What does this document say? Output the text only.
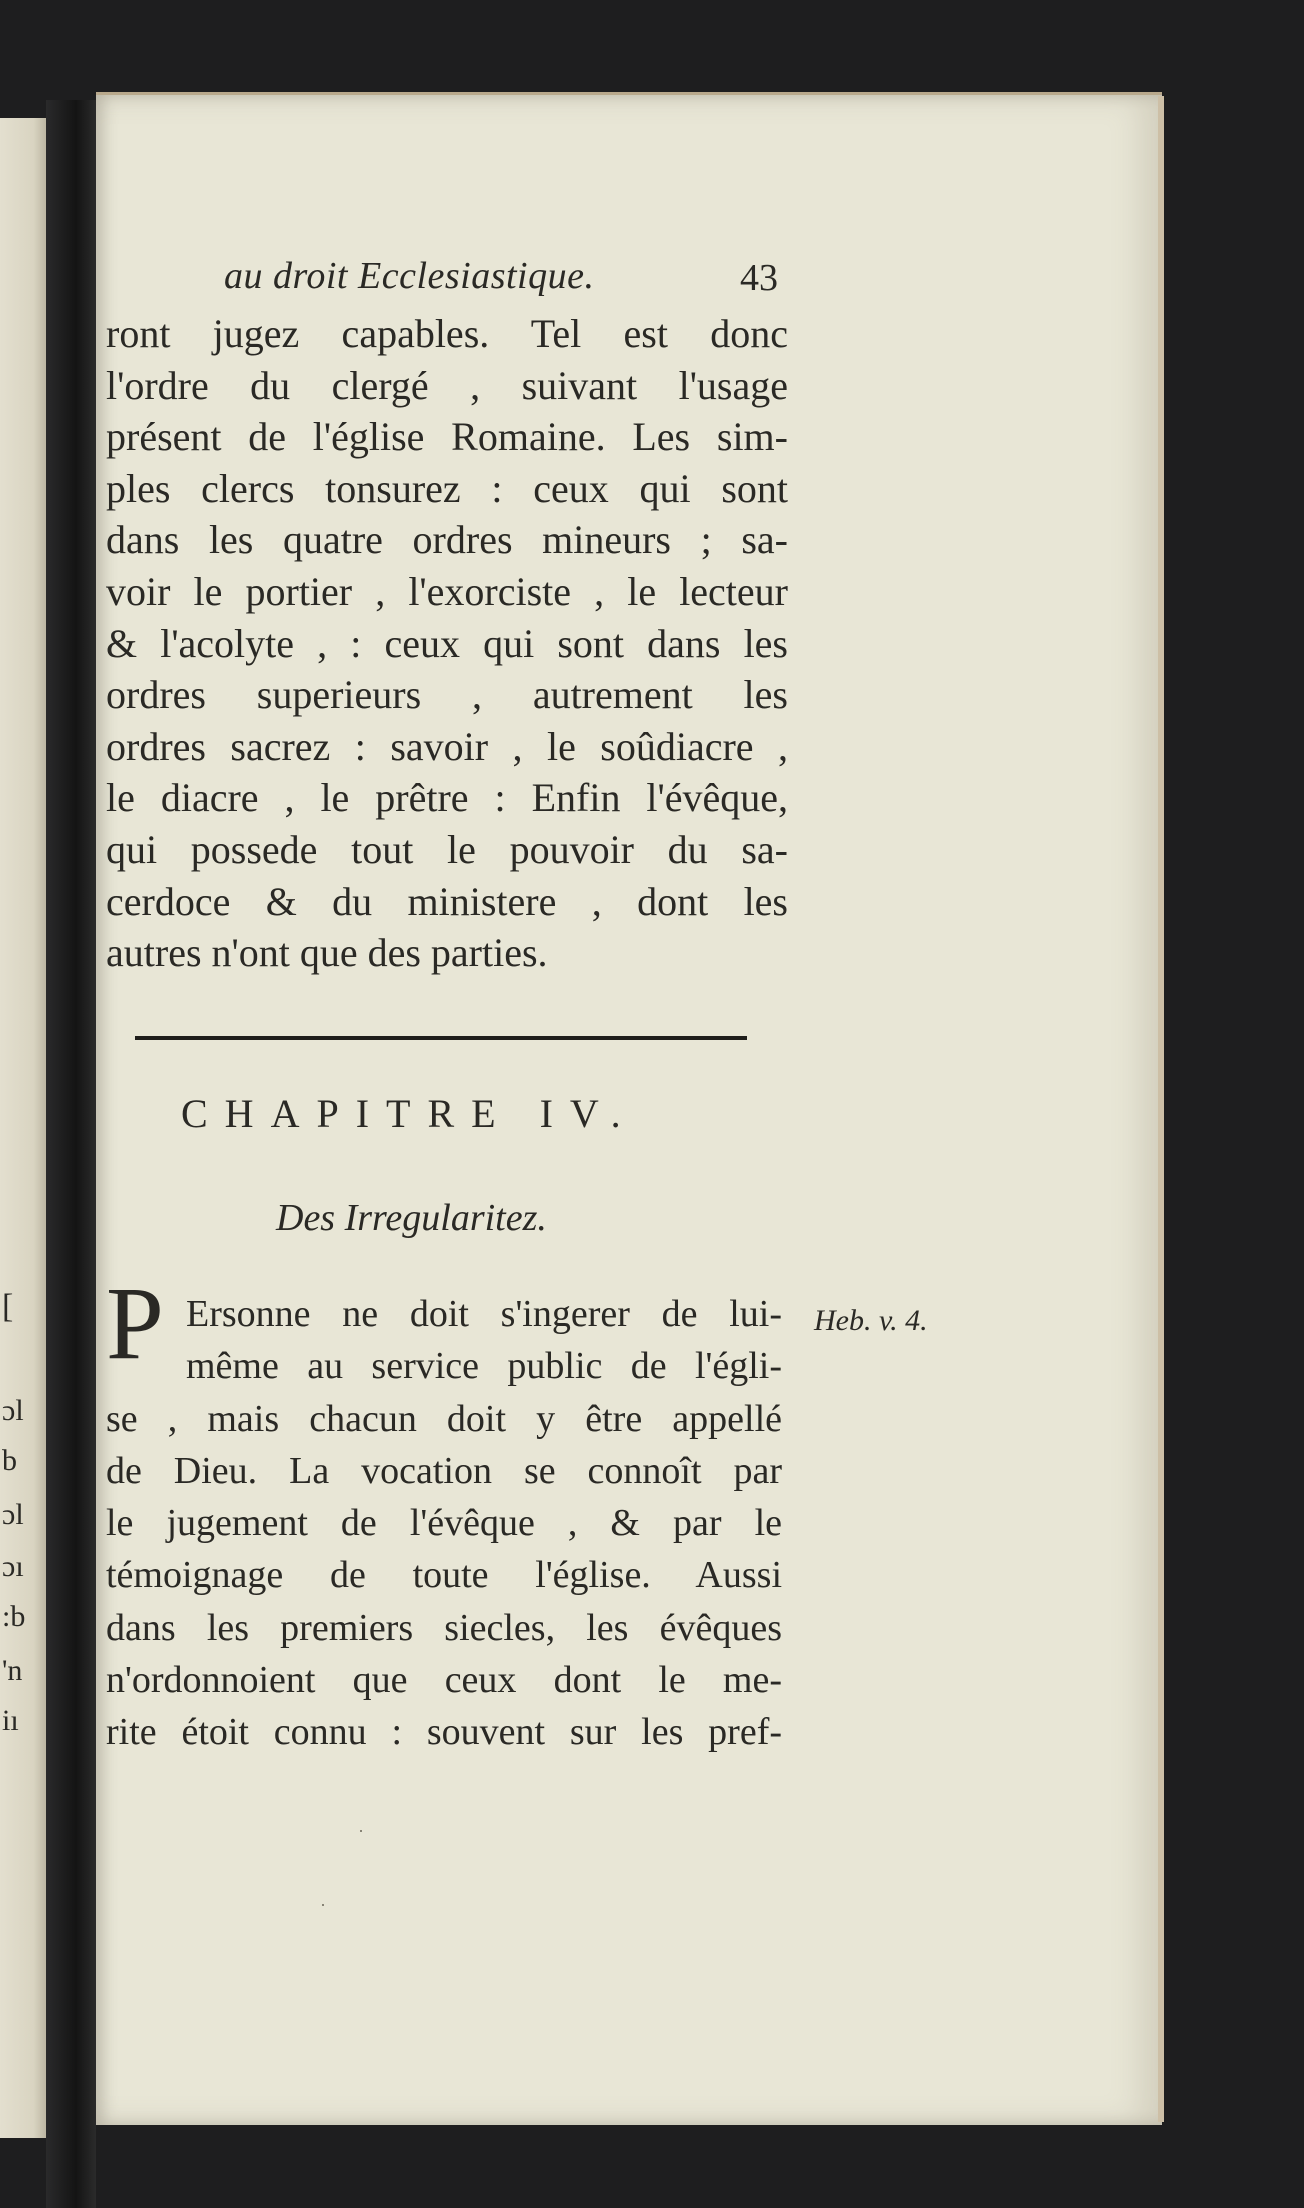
[
ɔl
b
ɔl
ɔı
:b
'n
iı
au droit Ecclesiastique.	43
ront jugez capables. Tel est donc
l'ordre du clergé , suivant l'usage
présent de l'église Romaine. Les sim-
ples clercs tonsurez : ceux qui sont
dans les quatre ordres mineurs ; sa-
voir le portier , l'exorciste , le lecteur
& l'acolyte , : ceux qui sont dans les
ordres superieurs , autrement les
ordres sacrez : savoir , le soûdiacre ,
le diacre , le prêtre : Enfin l'évêque,
qui possede tout le pouvoir du sa-
cerdoce & du ministere , dont les
autres n'ont que des parties.
CHAPITRE IV.
Des Irregularitez.
P Ersonne ne doit s'ingerer de lui-
même au service public de l'égli-
se , mais chacun doit y être appellé
de Dieu. La vocation se connoît par
le jugement de l'évêque , & par le
témoignage de toute l'église. Aussi
dans les premiers siecles, les évêques
n'ordonnoient que ceux dont le me-
rite étoit connu : souvent sur les pref-
Heb. v. 4.
